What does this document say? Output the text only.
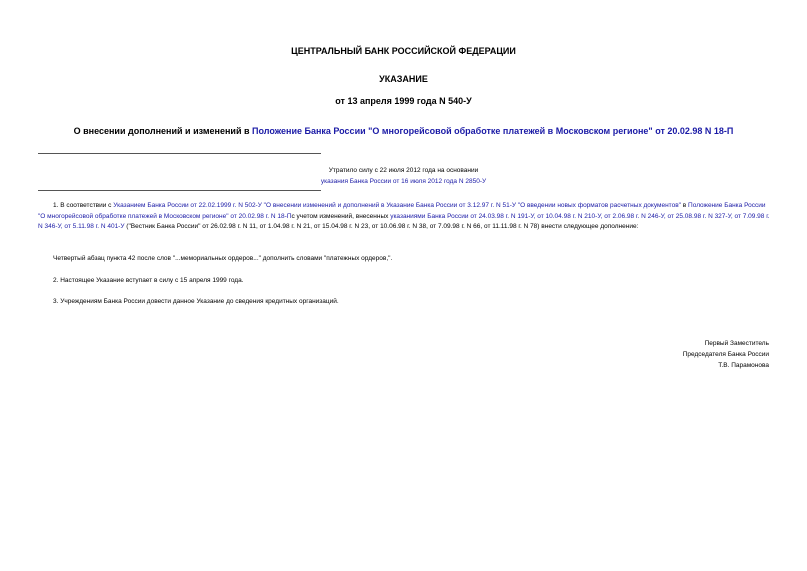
ЦЕНТРАЛЬНЫЙ БАНК РОССИЙСКОЙ ФЕДЕРАЦИИ
УКАЗАНИЕ
от 13 апреля 1999 года N 540-У
О внесении дополнений и изменений в Положение Банка России "О многорейсовой обработке платежей в Московском регионе" от 20.02.98 N 18-П
Утратило силу с 22 июля 2012 года на основании
указания Банка России от 16 июля 2012 года N 2850-У
1. В соответствии с Указанием Банка России от 22.02.1999 г. N 502-У "О внесении изменений и дополнений в Указание Банка России от 3.12.97 г. N 51-У "О введении новых форматов расчетных документов" в Положение Банка России "О многорейсовой обработке платежей в Московском регионе" от 20.02.98 г. N 18-Пс учетом изменений, внесенных указаниями Банка России от 24.03.98 г. N 191-У, от 10.04.98 г. N 210-У, от 2.06.98 г. N 246-У, от 25.08.98 г. N 327-У, от 7.09.98 г. N 346-У, от 5.11.98 г. N 401-У ("Вестник Банка России" от 26.02.98 г. N 11, от 1.04.98 г. N 21, от 15.04.98 г. N 23, от 10.06.98 г. N 38, от 7.09.98 г. N 66, от 11.11.98 г. N 78) внести следующее дополнение:
Четвертый абзац пункта 42 после слов "...мемориальных ордеров..." дополнить словами "платежных ордеров,".
2. Настоящее Указание вступает в силу с 15 апреля 1999 года.
3. Учреждениям Банка России довести данное Указание до сведения кредитных организаций.
Первый Заместитель
Председателя Банка России
Т.В. Парамонова
